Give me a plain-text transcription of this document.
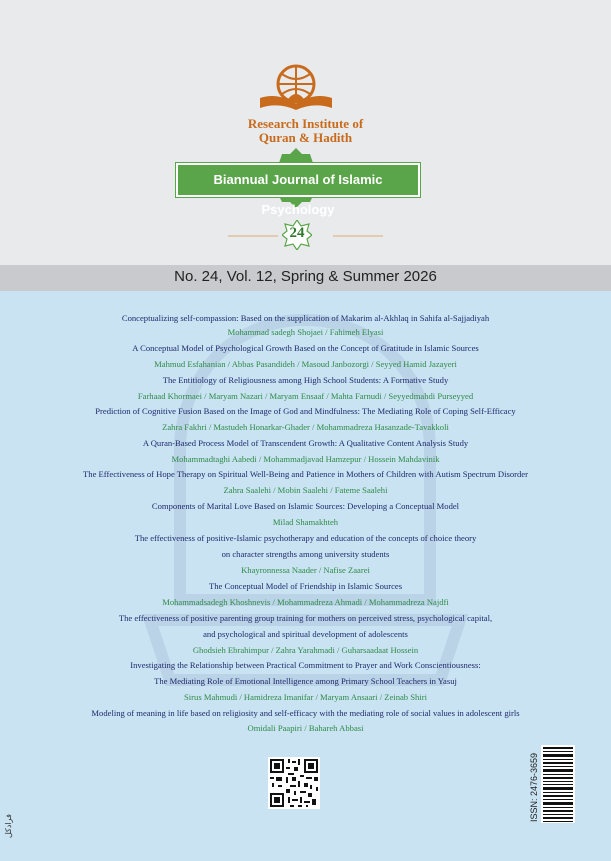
No. 24, Vol. 12, Spring & Summer 2026
Research Institute of
Quran & Hadith
Biannual Journal of Islamic Psychology
24
Conceptualizing self-compassion: Based on the supplication of Makarim al-Akhlaq in Sahifa al-Sajjadiyah
Mohammad sadegh Shojaei / Fahimeh Elyasi
A Conceptual Model of Psychological Growth Based on the Concept of Gratitude in Islamic Sources
Mahmud Esfahanian / Abbas Pasandideh / Masoud Janbozorgi / Seyyed Hamid Jazayeri
The Entitiology of Religiousness among High School Students: A Formative Study
Farhaad Khormaei / Maryam Nazari / Maryam Ensaaf / Mahta Farnudi / Seyyedmahdi Purseyyed
Prediction of Cognitive Fusion Based on the Image of God and Mindfulness: The Mediating Role of Coping Self-Efficacy
Zahra Fakhri / Mastudeh Honarkar-Ghader / Mohammadreza Hasanzade-Tavakkoli
A Quran-Based Process Model of Transcendent Growth: A Qualitative Content Analysis Study
Mohammadtaghi Aabedi / Mohammadjavad Hamzepur / Hossein Mahdavinik
The Effectiveness of Hope Therapy on Spiritual Well-Being and Patience in Mothers of Children with Autism Spectrum Disorder
Zahra Saalehi / Mobin Saalehi / Fateme Saalehi
Components of Marital Love Based on Islamic Sources: Developing a Conceptual Model
Milad Shamakhteh
The effectiveness of positive-Islamic psychotherapy and education of the concepts of choice theory
on character strengths among university students
Khayronnessa Naader / Nafise Zaarei
The Conceptual Model of Friendship in Islamic Sources
Mohammadsadegh Khoshnevis / Mohammadreza Ahmadi / Mohammadreza Najdfi
The effectiveness of positive parenting group training for mothers on perceived stress, psychological capital,
and psychological and spiritual development of adolescents
Ghodsieh Ebrahimpur / Zahra Yarahmadi / Guharsaadaat Hossein
Investigating the Relationship between Practical Commitment to Prayer and Work Conscientiousness:
The Mediating Role of Emotional Intelligence among Primary School Teachers in Yasuj
Sirus Mahmudi / Hamidreza Imanifar / Maryam Ansaari / Zeinab Shiri
Modeling of meaning in life based on religiosity and self-efficacy with the mediating role of social values in adolescent girls
Omidali Paapiri / Bahareh Abbasi
ISSN: 2476-3659
فرادکل
